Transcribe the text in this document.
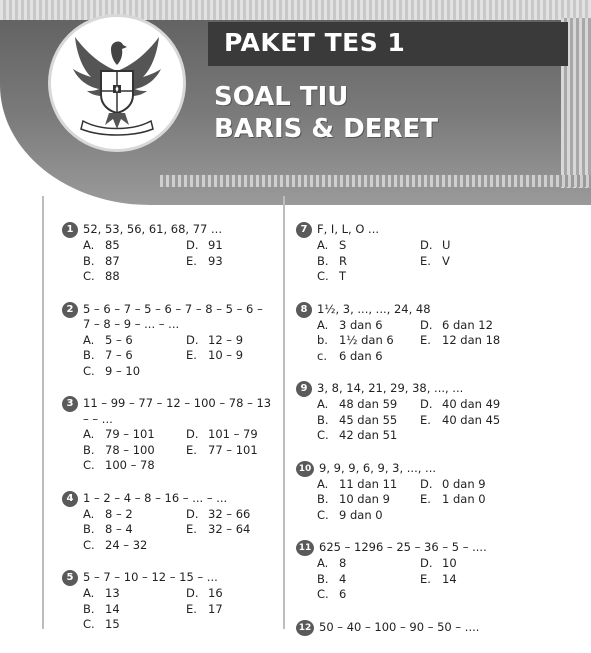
PAKET TES 1
SOAL TIU
BARIS & DERET
1 52, 53, 56, 61, 68, 77 ...
A. 85	D. 91
B. 87	E. 93
C. 88
2 5 – 6 – 7 – 5 – 6 – 7 – 8 – 5 – 6 – 7 – 8 – 9 – ... – ...
A. 5 – 6	D. 12 – 9
B. 7 – 6	E. 10 – 9
C. 9 – 10
3 11 – 99 – 77 – 12 – 100 – 78 – 13 – – ...
A. 79 – 101	D. 101 – 79
B. 78 – 100	E. 77 – 101
C. 100 – 78
4 1 – 2 – 4 – 8 – 16 – ... – ...
A. 8 – 2	D. 32 – 66
B. 8 – 4	E. 32 – 64
C. 24 – 32
5 5 – 7 – 10 – 12 – 15 – ...
A. 13	D. 16
B. 14	E. 17
C. 15
7 F, I, L, O ...
A. S	D. U
B. R	E. V
C. T
8 1½, 3, ..., ..., 24, 48
A. 3 dan 6	D. 6 dan 12
b. 1½ dan 6 E. 12 dan 18
c.	6 dan 6
9 3, 8, 14, 21, 29, 38, ..., ...
A. 48 dan 59 D. 40 dan 49
B. 45 dan 55 E. 40 dan 45
C. 42 dan 51
10 9, 9, 9, 6, 9, 3, ..., ...
A. 11 dan 11 D. 0 dan 9
B. 10 dan 9	E. 1 dan 0
C. 9 dan 0
11 625 – 1296 – 25 – 36 – 5 – ....
A. 8	D. 10
B. 4	E. 14
C. 6
12 50 – 40 – 100 – 90 – 50 – ....
